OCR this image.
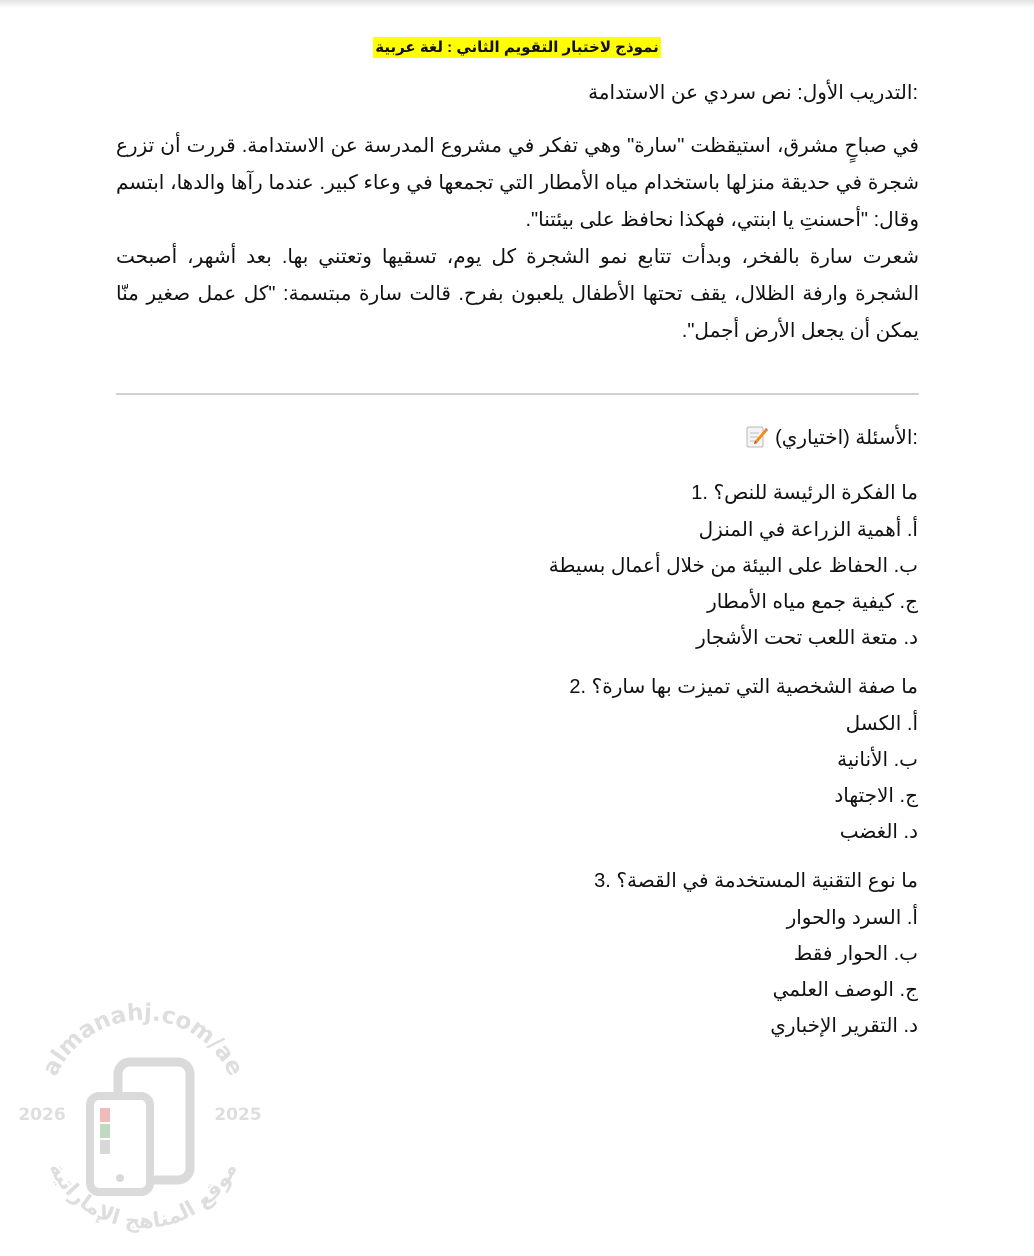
نموذج لاختبار التقويم الثاني : لغة عربية
:التدريب الأول: نص سردي عن الاستدامة

في صباحٍ مشرق، استيقظت "سارة" وهي تفكر في مشروع المدرسة عن الاستدامة. قررت أن تزرع شجرة في حديقة منزلها باستخدام مياه الأمطار التي تجمعها في وعاء كبير. عندما رآها والدها، ابتسم وقال: "أحسنتِ يا ابنتي، فهكذا نحافظ على بيئتنا".

شعرت سارة بالفخر، وبدأت تتابع نمو الشجرة كل يوم، تسقيها وتعتني بها. بعد أشهر، أصبحت الشجرة وارفة الظلال، يقف تحتها الأطفال يلعبون بفرح. قالت سارة مبتسمة: "كل عمل صغير منّا يمكن أن يجعل الأرض أجمل".

:الأسئلة (اختياري)
ما الفكرة الرئيسة للنص؟ .1
أ. أهمية الزراعة في المنزل
ب. الحفاظ على البيئة من خلال أعمال بسيطة
ج. كيفية جمع مياه الأمطار
د. متعة اللعب تحت الأشجار
ما صفة الشخصية التي تميزت بها سارة؟ .2
أ. الكسل
ب. الأنانية
ج. الاجتهاد
د. الغضب
ما نوع التقنية المستخدمة في القصة؟ .3
أ. السرد والحوار
ب. الحوار فقط
ج. الوصف العلمي
د. التقرير الإخباري
almanahj.com/ae
موقع المناهج الإماراتية
2026	2025
